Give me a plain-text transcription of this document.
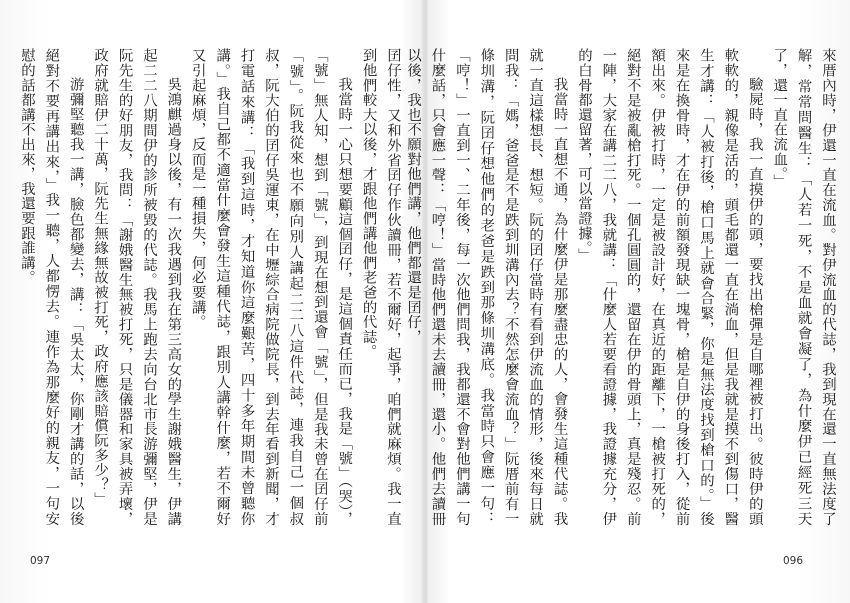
囝仔性，又和外省囝仔作伙讀冊，若不爾好，起爭，咱們就麻煩。我一直到他們較大以後，才跟他們講他們老爸的代誌。

我當時一心只想要顧這個囝仔，是這個責任而已，我是「號」（哭），「號」無人知，想到「號」，到現在想到還會「號」，但是我未曾在囝仔前「號」。阮我從來也不願向別人講起二二八這件代誌，連我自己一個叔叔，阮大伯的囝仔吳運東，在中壢綜合病院做院長，到去年看到新聞，才打電話來講：「我到這時，才知道你這麼艱苦，四十多年期間未曾聽你講。」我自己都不適當什麼會發生這種代誌，跟別人講幹什麼，若不爾好又引起麻煩，反而是一種損失，何必要講。

吳鴻麒過身以後，有一次我遇到我在第三高女的學生謝娥醫生，伊講起二二八期間伊的診所被毀的代誌。我馬上跑去向台北市長游彌堅，伊是阮先生的好朋友，我問：「謝娥醫生無被打死，只是儀器和家具被弄壞，政府就賠伊二十萬，阮先生無緣無故被打死，政府應該賠償阮多少？」

游彌堅聽我一講，臉色都變去，講：「吳太太，你剛才講的話，以後絕對不要再講出來，」我一聽，人都愣去。連作為那麼好的親友，一句安慰的話都講不出來，我還要跟誰講。

097

來厝內時，伊還一直在流血。對伊流血的代誌，我到現在還一直無法度了解，常常問醫生：「人若一死，不是血就會凝了，為什麼伊已經死三天了，還一直在流血。」

驗屍時，我一直摸伊的頭，要找出槍彈是自哪裡被打出。彼時伊的頭軟軟的，親像是活的，頭毛都還一直在淌血，但是我就是摸不到傷口，醫生才講：「人被打後，槍口馬上就會合緊，你是無法度找到槍口的。」後來是在換骨時，才在伊的前額發現缺一塊骨，槍是自伊的身後打入，從前額出來。伊被打時，一定是被設計好，在真近的距離下，一槍被打死的，絕對不是被亂槍打死。一個孔圓圓的，還留在伊的骨頭上，真是殘忍。前一陣，大家在講二二八，我就講：「什麼人若要看證據，我證據充分，伊的白骨都還留著，可以當證據。」

我當時一直想不通，為什麼伊是那麼盡忠的人，會發生這種代誌。我就一直這樣想長、想短。阮的囝仔當時有看到伊流血的情形，後來每日就問我：「媽，爸爸是不是跌到圳溝內去？不然怎麼會流血？」阮厝前有一條圳溝，阮囝仔想他們的老爸是跌到那條圳溝底。我當時只會應一句：「哼！」一直到一、二年後，每一次他們問我，我都還不會對他們講一句什麼話，只會應一聲：「哼！」當時他們還未去讀冊，還小。他們去讀冊以後，我也不願對他們講，他們都還是囝仔，

096
